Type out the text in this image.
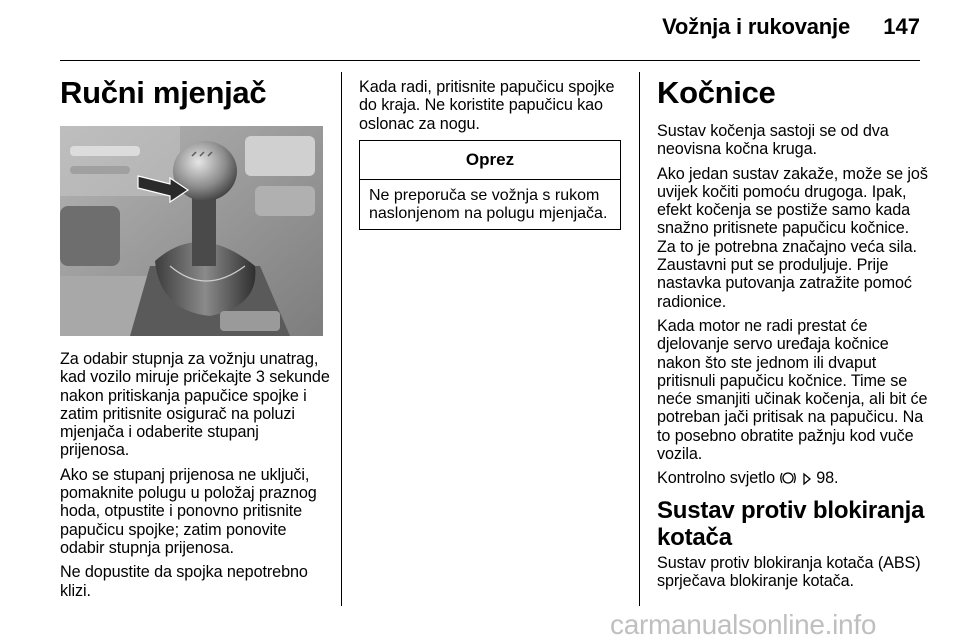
Vožnja i rukovanje 147
Ručni mjenjač

Za odabir stupnja za vožnju unatrag, kad vozilo miruje pričekajte 3 sekunde nakon pritiskanja papučice spojke i zatim pritisnite osigurač na poluzi mjenjača i odaberite stupanj prijenosa.

Ako se stupanj prijenosa ne uključi, pomaknite polugu u položaj praznog hoda, otpustite i ponovno pritisnite papučicu spojke; zatim ponovite odabir stupnja prijenosa.

Ne dopustite da spojka nepotrebno klizi.

Kada radi, pritisnite papučicu spojke do kraja. Ne koristite papučicu kao oslonac za nogu.

Oprez
Ne preporuča se vožnja s rukom naslonjenom na polugu mjenjača.
Kočnice

Sustav kočenja sastoji se od dva neovisna kočna kruga.

Ako jedan sustav zakaže, može se još uvijek kočiti pomoću drugoga. Ipak, efekt kočenja se postiže samo kada snažno pritisnete papučicu kočnice. Za to je potrebna značajno veća sila. Zaustavni put se produljuje. Prije nastavka putovanja zatražite pomoć radionice.

Kada motor ne radi prestat će djelovanje servo uređaja kočnice nakon što ste jednom ili dvaput pritisnuli papučicu kočnice. Time se neće smanjiti učinak kočenja, ali bit će potreban jači pritisak na papučicu. Na to posebno obratite pažnju kod vuče vozila.

Kontrolno svjetlo	98.

Sustav protiv blokiranja kotača

Sustav protiv blokiranja kotača (ABS) sprječava blokiranje kotača.

carmanualsonline.info
